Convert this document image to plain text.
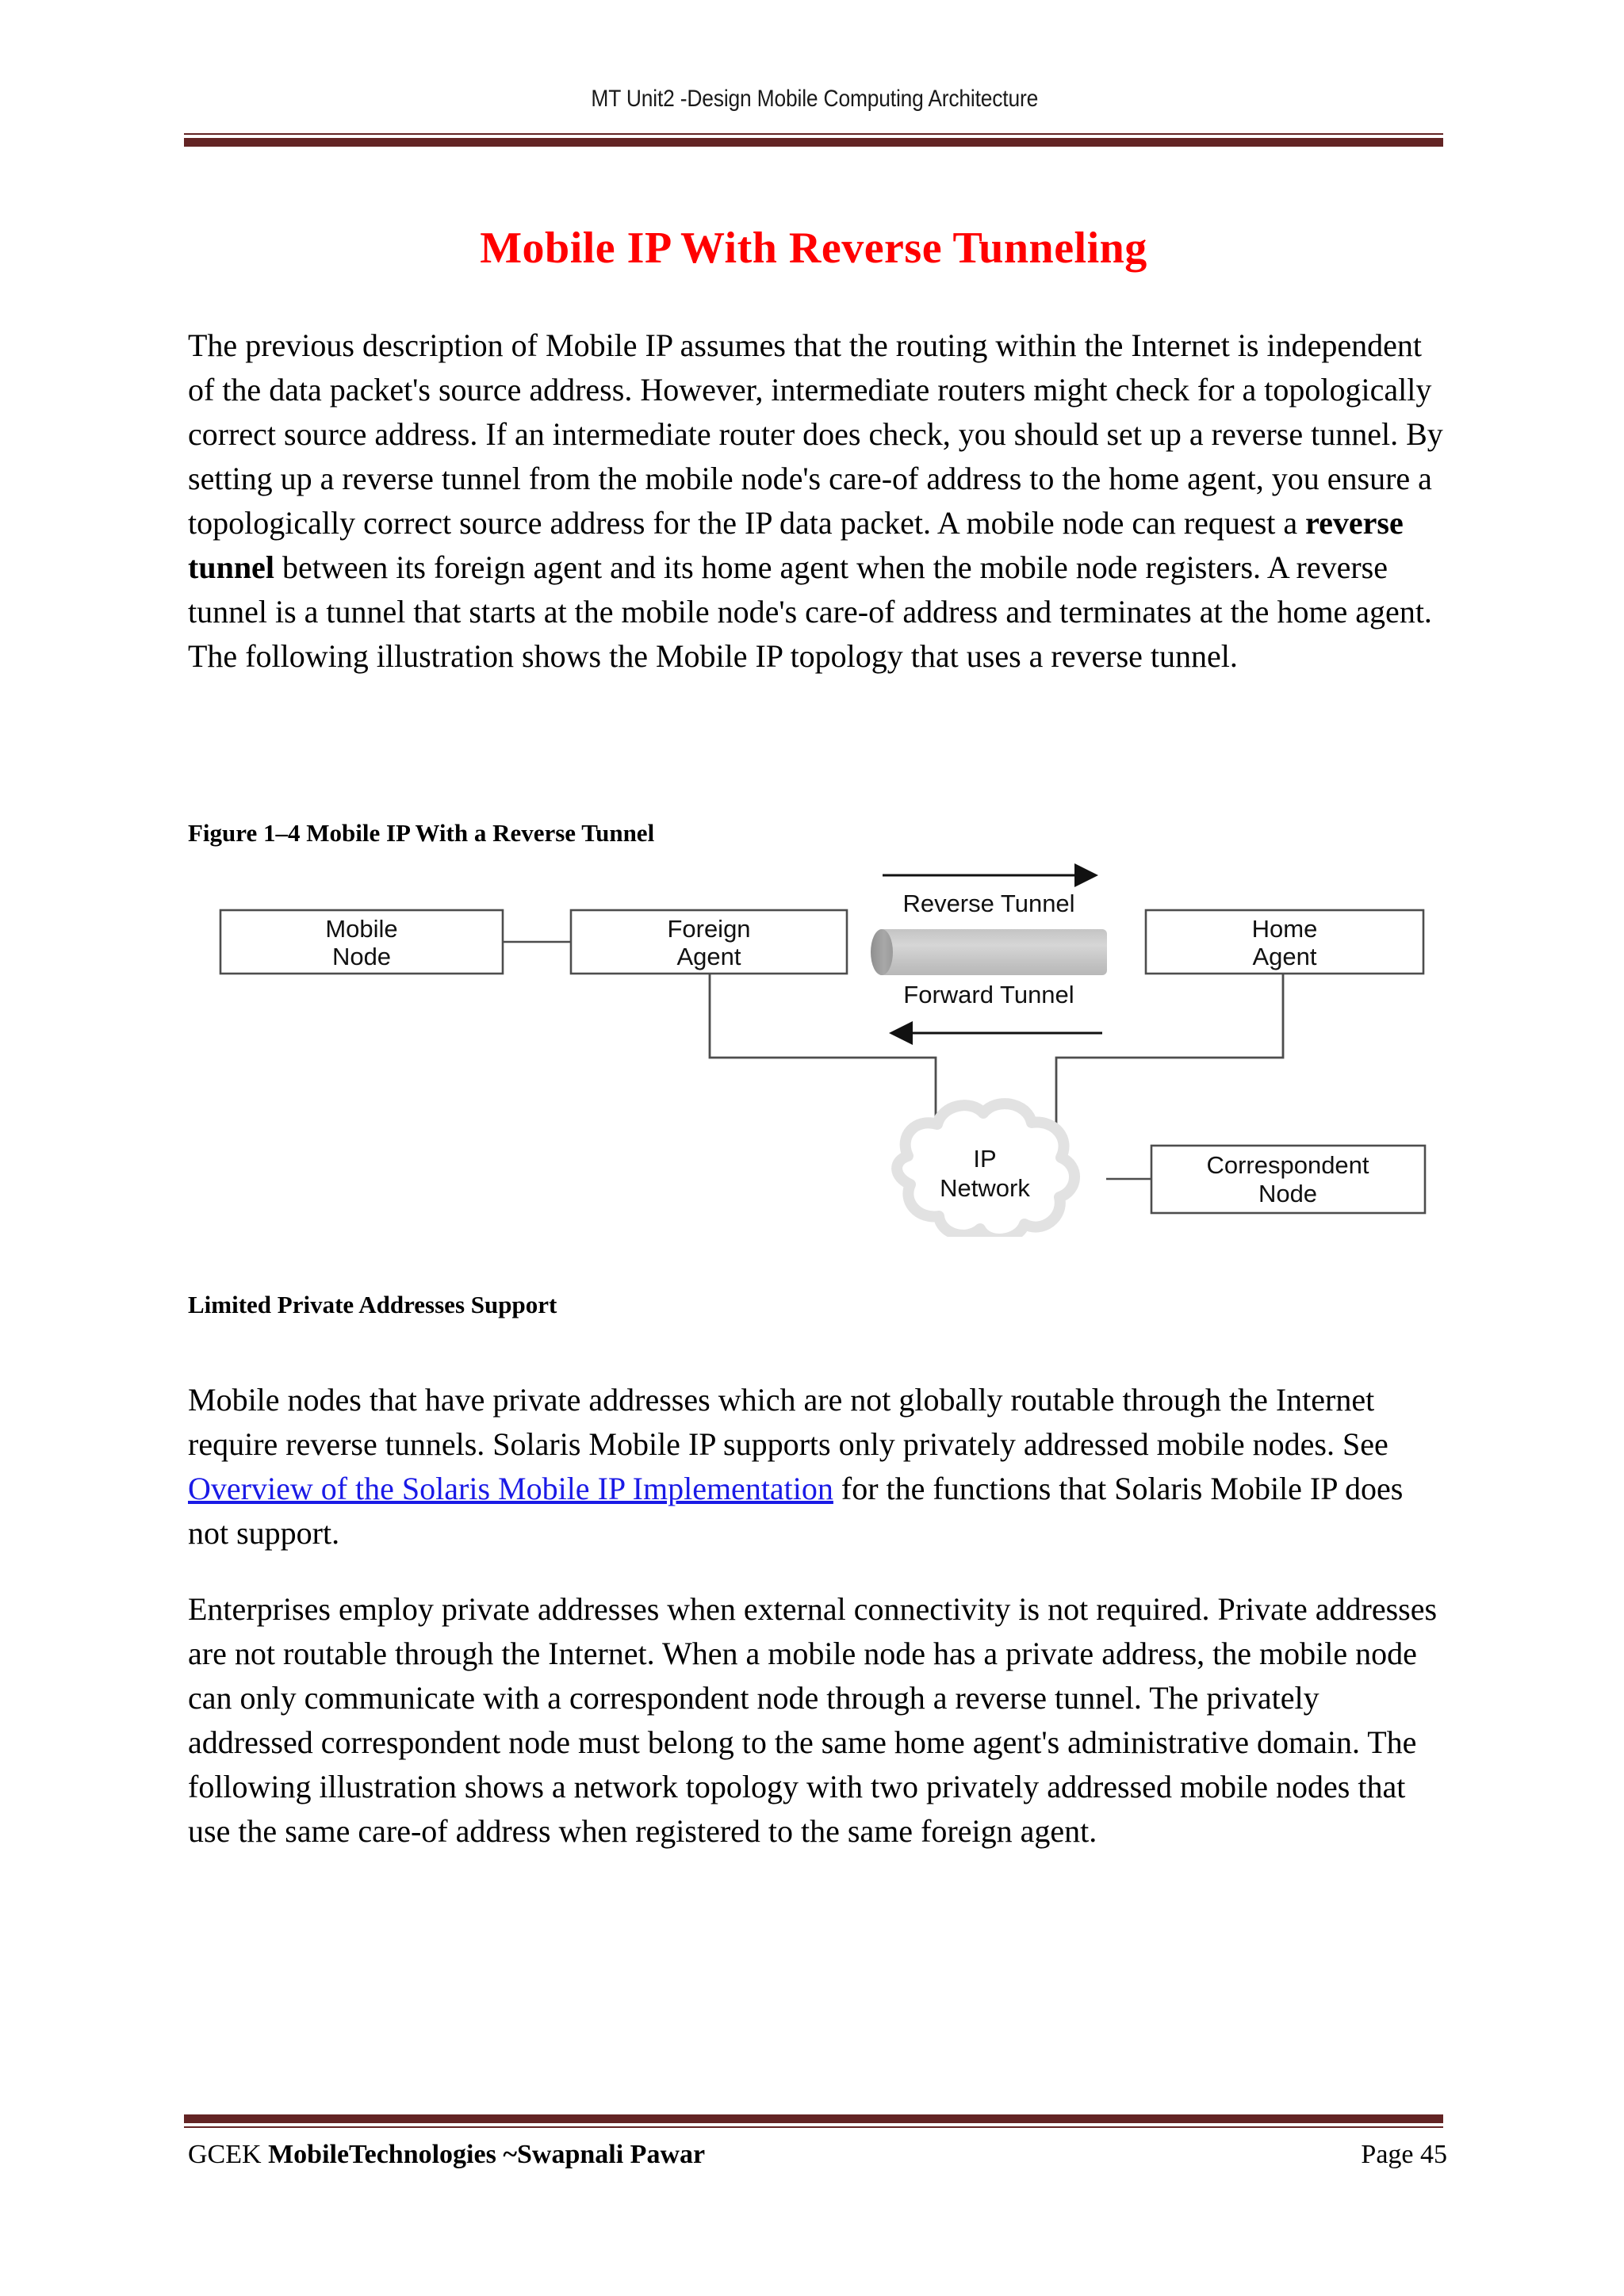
MT Unit2 -Design Mobile Computing Architecture
Mobile IP With Reverse Tunneling

The previous description of Mobile IP assumes that the routing within the Internet is independent of the data packet's source address. However, intermediate routers might check for a topologically correct source address. If an intermediate router does check, you should set up a reverse tunnel. By setting up a reverse tunnel from the mobile node's care-of address to the home agent, you ensure a topologically correct source address for the IP data packet. A mobile node can request a reverse tunnel between its foreign agent and its home agent when the mobile node registers. A reverse tunnel is a tunnel that starts at the mobile node's care-of address and terminates at the home agent. The following illustration shows the Mobile IP topology that uses a reverse tunnel.

Figure 1–4 Mobile IP With a Reverse Tunnel

Mobile
Node
Foreign
Agent
Home
Agent
Reverse Tunnel
Forward Tunnel
IP
Network
Correspondent
Node

Limited Private Addresses Support

Mobile nodes that have private addresses which are not globally routable through the Internet require reverse tunnels. Solaris Mobile IP supports only privately addressed mobile nodes. See Overview of the Solaris Mobile IP Implementation for the functions that Solaris Mobile IP does not support.

Enterprises employ private addresses when external connectivity is not required. Private addresses are not routable through the Internet. When a mobile node has a private address, the mobile node can only communicate with a correspondent node through a reverse tunnel. The privately addressed correspondent node must belong to the same home agent's administrative domain. The following illustration shows a network topology with two privately addressed mobile nodes that use the same care-of address when registered to the same foreign agent.

GCEK MobileTechnologies ~Swapnali Pawar	Page 45
